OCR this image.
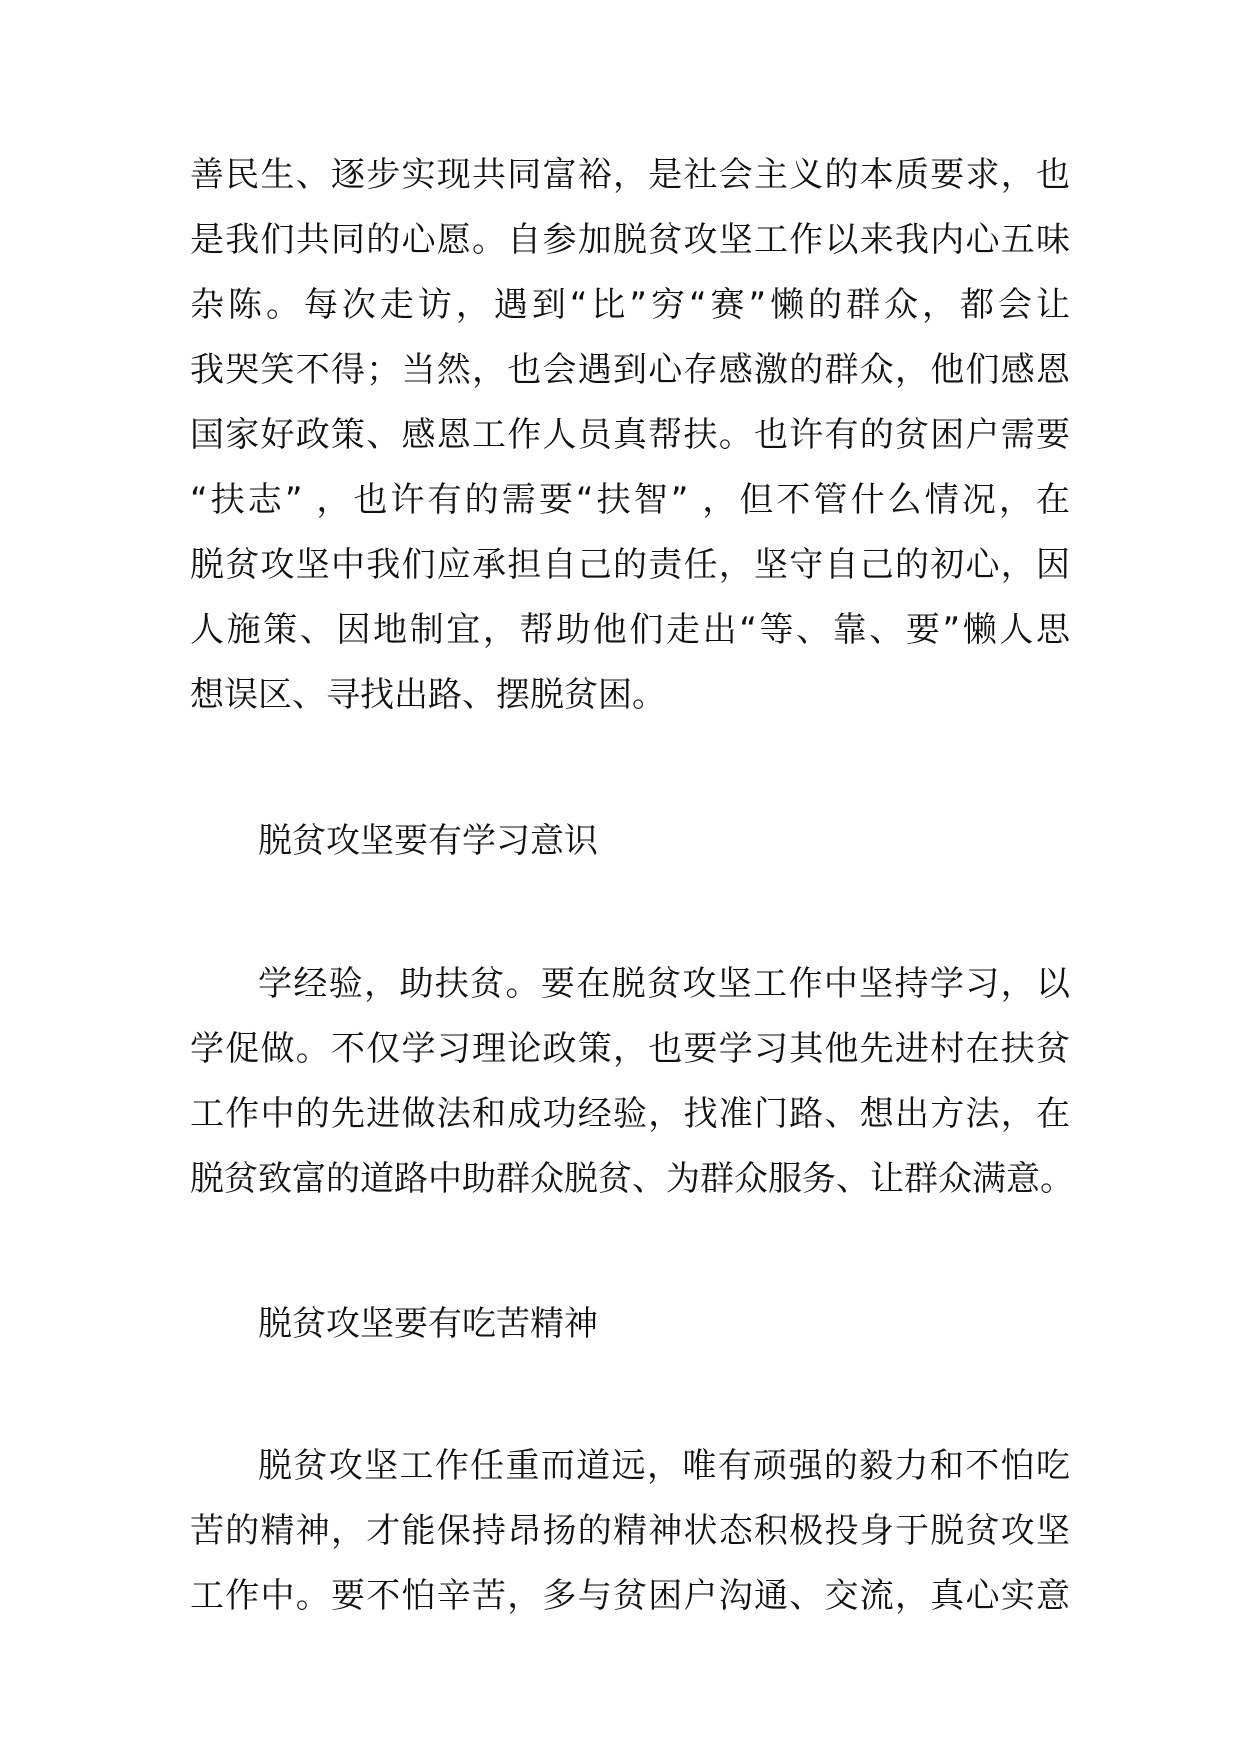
善民生、逐步实现共同富裕，是社会主义的本质要求，也
是我们共同的心愿。自参加脱贫攻坚工作以来我内心五味
杂陈。每次走访，遇到“比”穷“赛”懒的群众，都会让
我哭笑不得；当然，也会遇到心存感激的群众，他们感恩
国家好政策、感恩工作人员真帮扶。也许有的贫困户需要
“扶志” ，也许有的需要“扶智” ，但不管什么情况，在
脱贫攻坚中我们应承担自己的责任，坚守自己的初心，因
人施策、因地制宜，帮助他们走出“等、靠、要”懒人思
想误区、寻找出路、摆脱贫困。
脱贫攻坚要有学习意识
学经验，助扶贫。要在脱贫攻坚工作中坚持学习，以
学促做。不仅学习理论政策，也要学习其他先进村在扶贫
工作中的先进做法和成功经验，找准门路、想出方法，在
脱贫致富的道路中助群众脱贫、为群众服务、让群众满意。
脱贫攻坚要有吃苦精神
脱贫攻坚工作任重而道远，唯有顽强的毅力和不怕吃
苦的精神，才能保持昂扬的精神状态积极投身于脱贫攻坚
工作中。要不怕辛苦，多与贫困户沟通、交流，真心实意
